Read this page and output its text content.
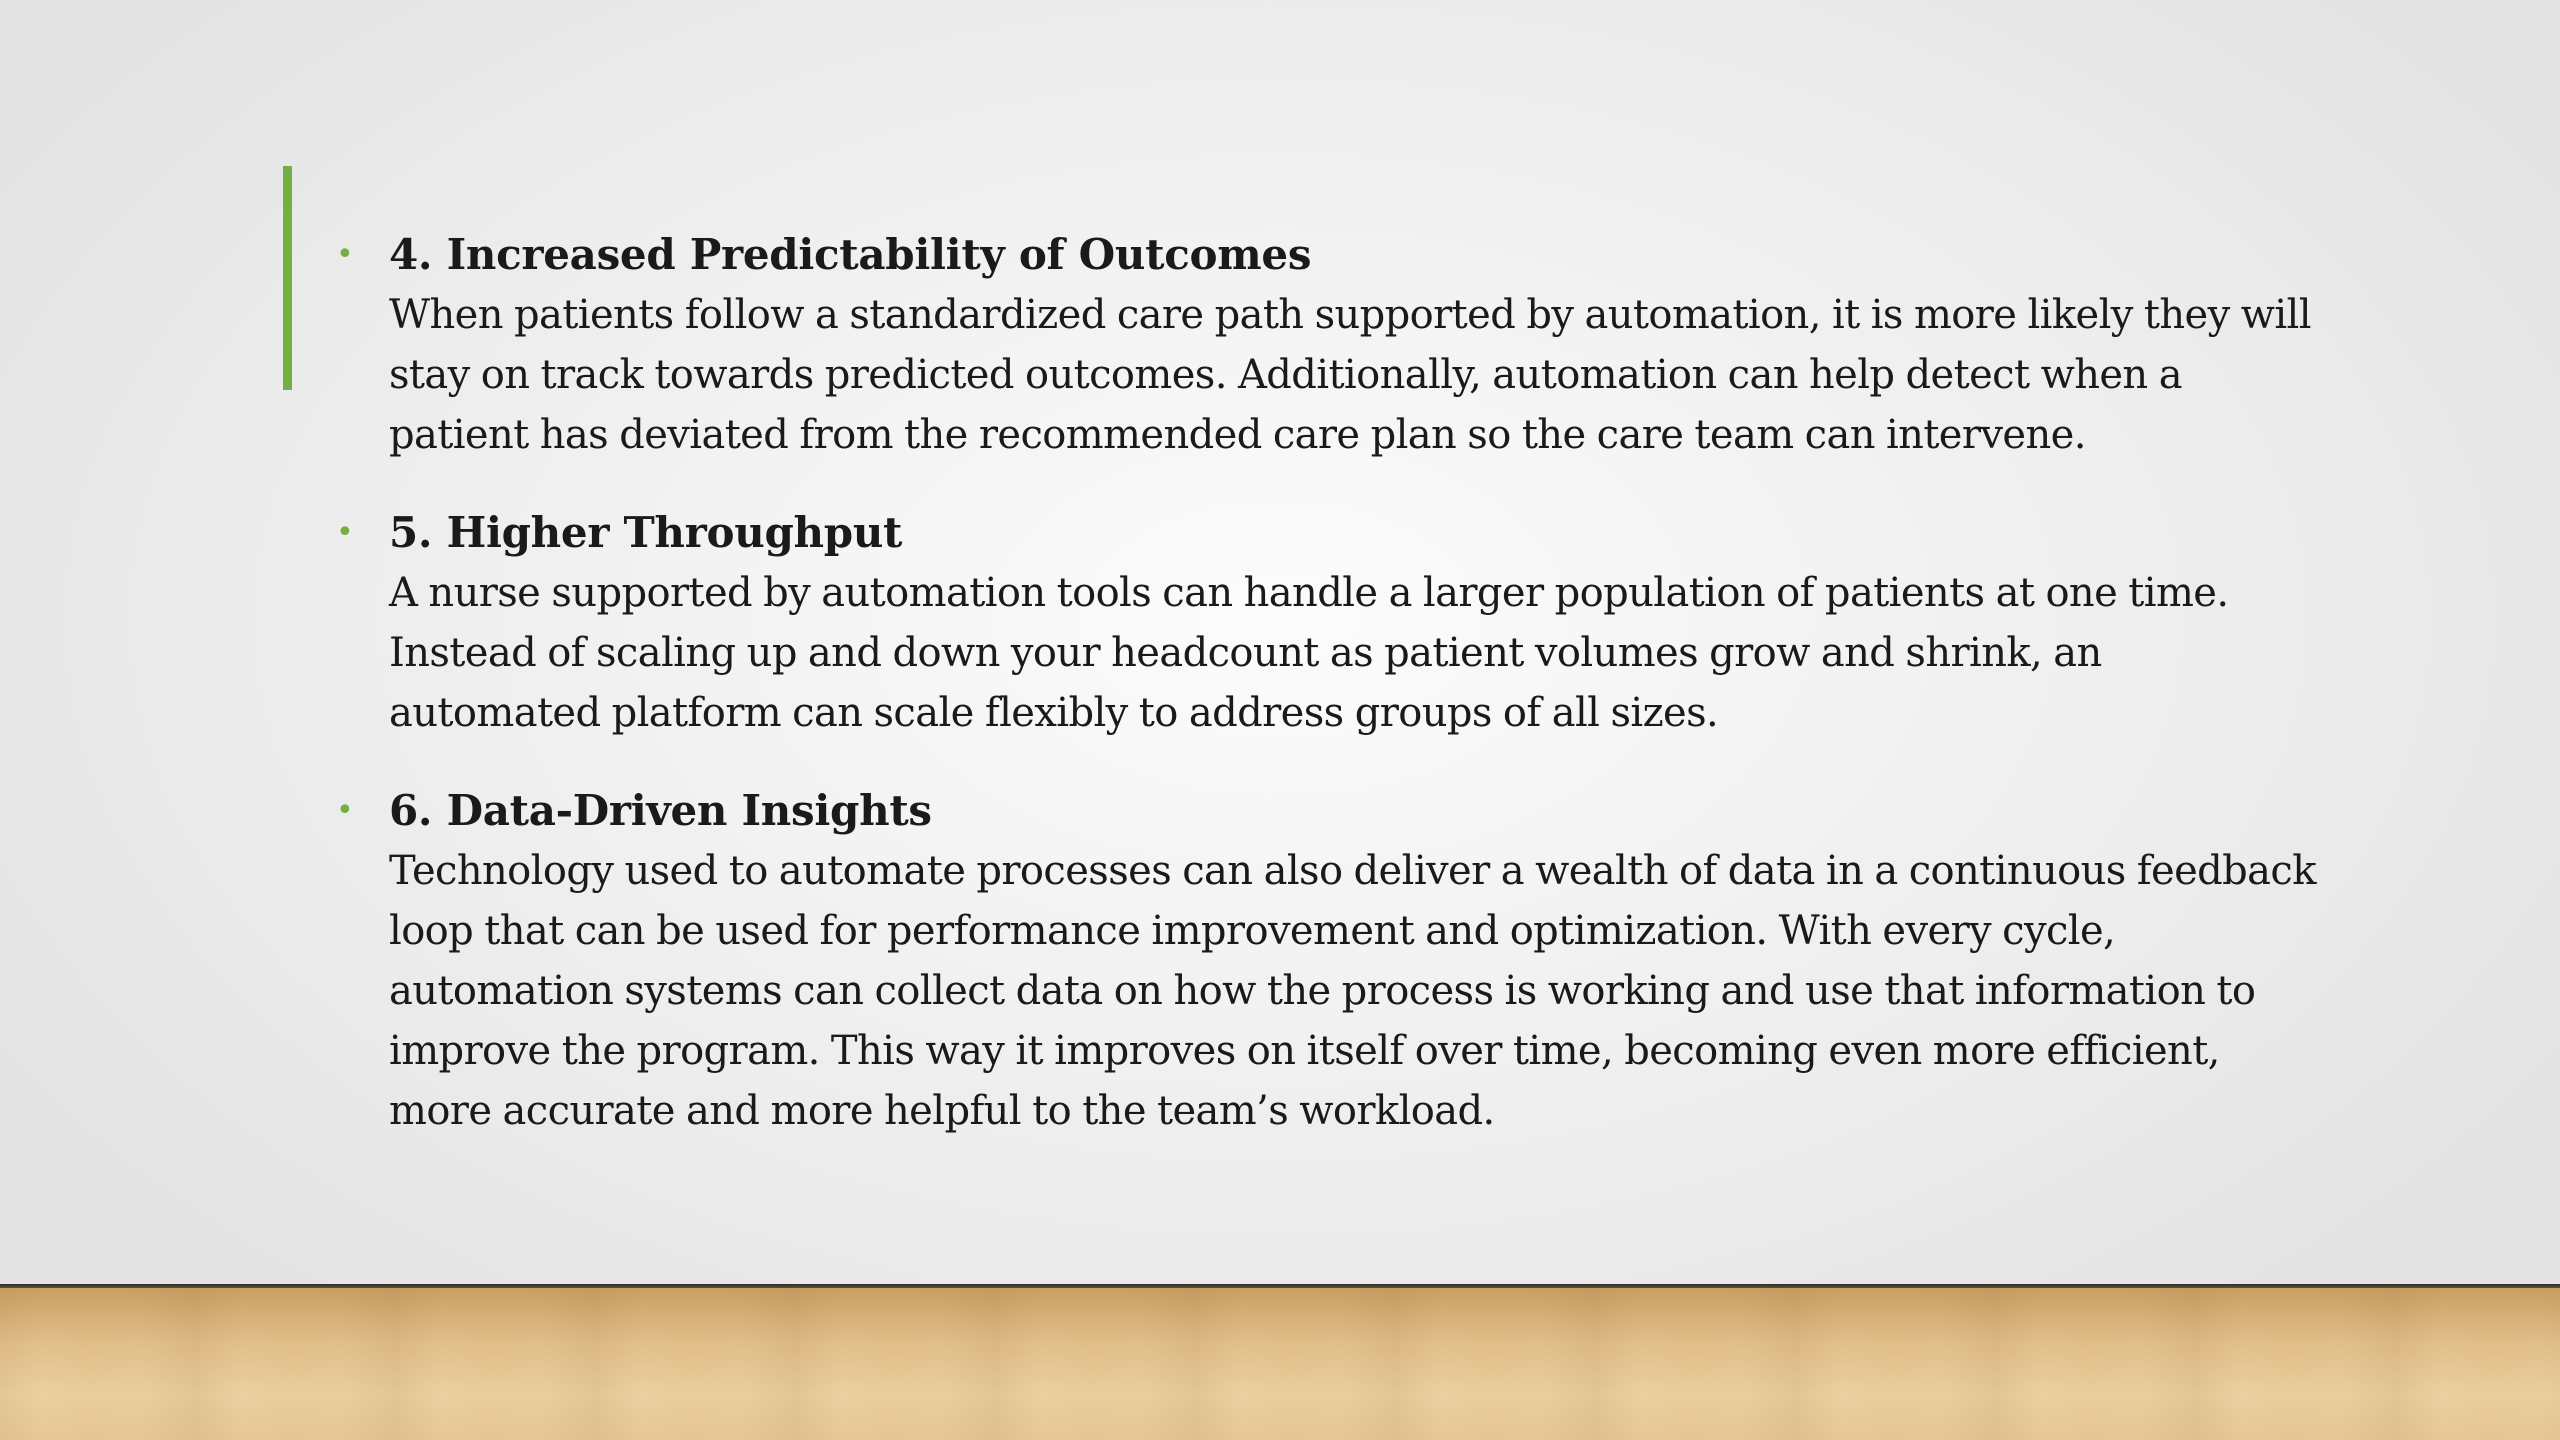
• 4. Increased Predictability of Outcomes
When patients follow a standardized care path supported by automation, it is more likely they will stay on track towards predicted outcomes. Additionally, automation can help detect when a patient has deviated from the recommended care plan so the care team can intervene.
• 5. Higher Throughput
A nurse supported by automation tools can handle a larger population of patients at one time. Instead of scaling up and down your headcount as patient volumes grow and shrink, an automated platform can scale flexibly to address groups of all sizes.
• 6. Data-Driven Insights
Technology used to automate processes can also deliver a wealth of data in a continuous feedback loop that can be used for performance improvement and optimization. With every cycle, automation systems can collect data on how the process is working and use that information to improve the program. This way it improves on itself over time, becoming even more efficient, more accurate and more helpful to the team’s workload.
